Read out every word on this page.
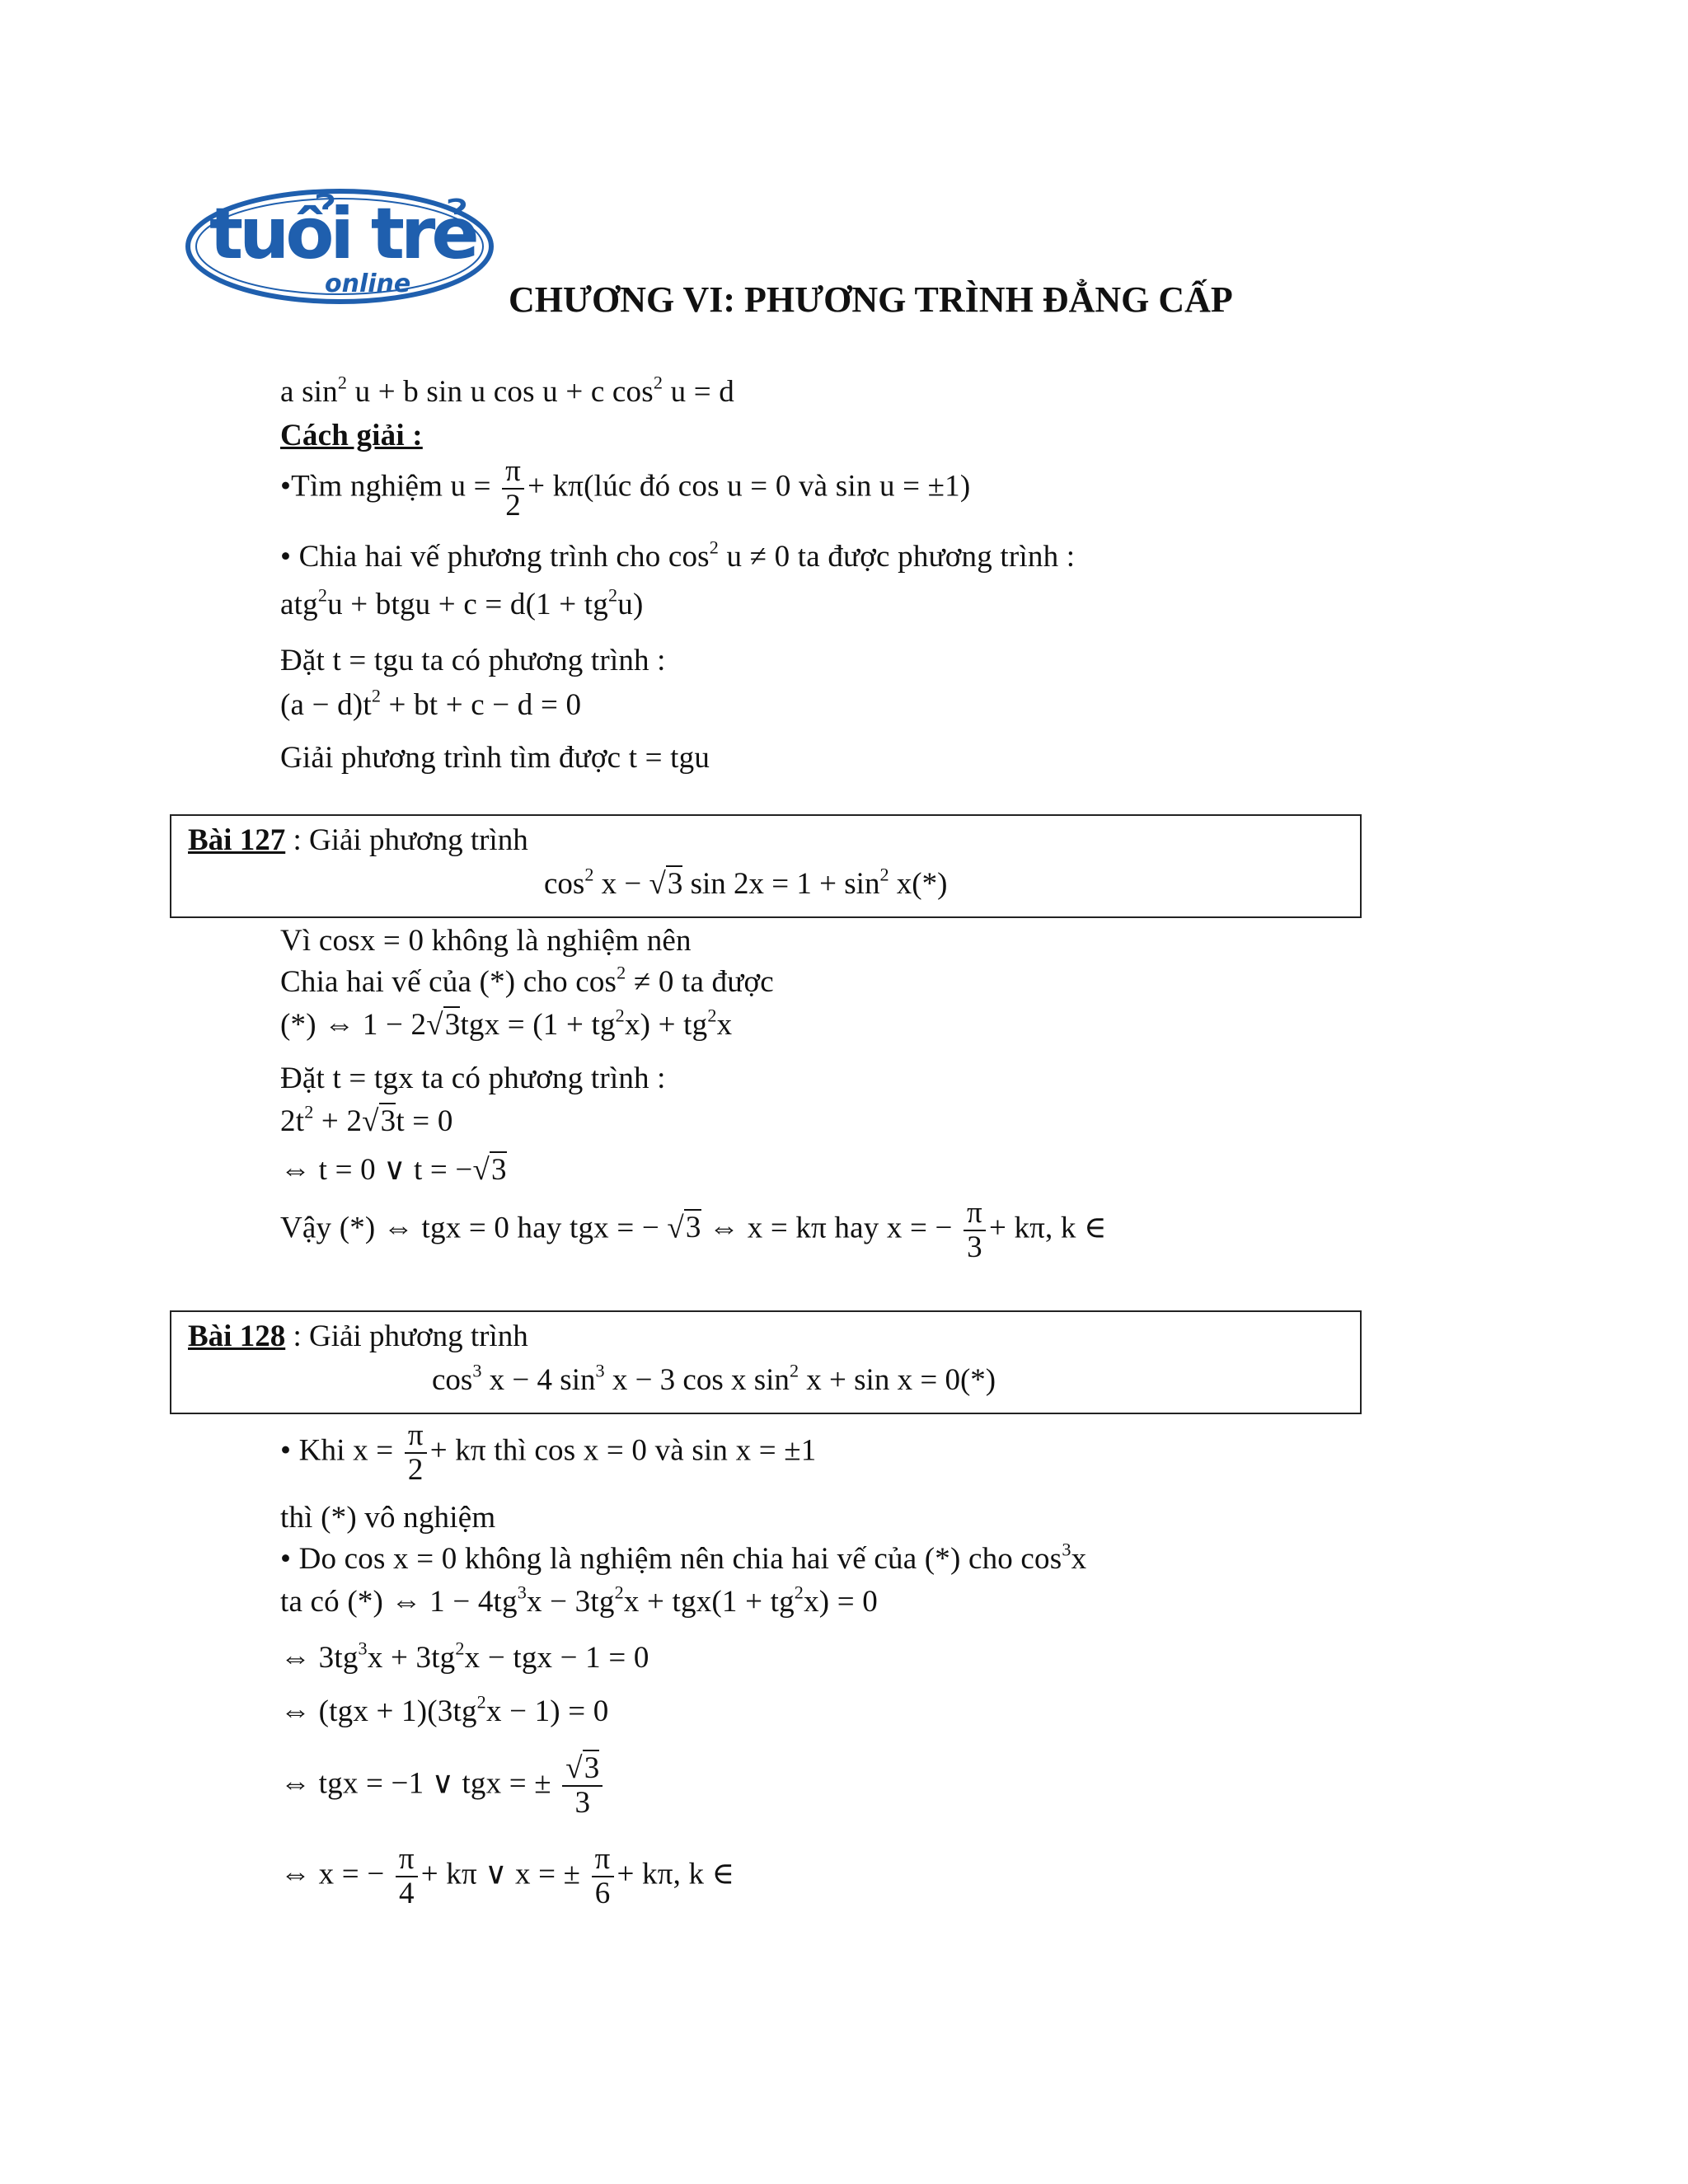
tuổi trẻ
online	CHƯƠNG VI: PHƯƠNG TRÌNH ĐẲNG CẤP
a $\sin^2 u + b$ sin u cos u + c $\cos^2 u = d$
Cách giải :
•Tìm nghiệm $u = \frac{\pi}{2}$ + kπ(lúc đó cos u = 0 và sin u = ±1)
• Chia hai vế phương trình cho $\cos^2 u \ne 0$ ta được phương trình :
atg$^2$u + btgu + $c = d(1 + tg^2u)$
Đặt t = tgu ta có phương trình :
$(a - d)t^2$ + bt + c − d = 0
Giải phương trình tìm được t = tgu
Bài 127 : Giải phương trình
$\cos^2 x - √3$ $\sin 2x = 1 + \sin^2 x(*)$
Vì cosx = 0 không là nghiệm nên
Chia hai vế của (*) cho $\cos^2 \ne 0$ ta được
(*) ⇔ $1 - 2√3tgx = (1 + tg^2x) + tg^2x$
Đặt t = tgx ta có phương trình :
$2t^2 + 2√3t = 0$
⇔ t = 0 ∨ t = −√3
Vậy (*) ⇔ tgx = 0 hay tgx = − √3 ⇔ x = kπ hay x = − $\frac{\pi}{3} + k\pi$, k ∈
Bài 128 : Giải phương trình
$\cos^3 x - 4$ $\sin^3 x - 3$ cos x $\sin^2 x + \sin x = 0(*)$
• Khi $x = \frac{\pi}{2} + k\pi$ thì cos x = 0 và sin x = ±1
thì (*) vô nghiệm
• Do cos x = 0 không là nghiệm nên chia hai vế của (*) cho $\cos^3x$
ta có (*) ⇔ $1 - 4tg^3x - 3tg^2x + tgx(1 + tg^2x) = 0$
⇔ $3tg^3x + 3tg^2x$ − tgx − 1 = 0
⇔ $(tgx + 1)(3tg^2x - 1) = 0$
⇔ tgx = −1 ∨ tgx = ± $\frac{√3}{3}$
⇔ x = − $\frac{\pi}{4} + k\pi$ ∨ x = ± $\frac{\pi}{6} + k\pi$, k ∈
